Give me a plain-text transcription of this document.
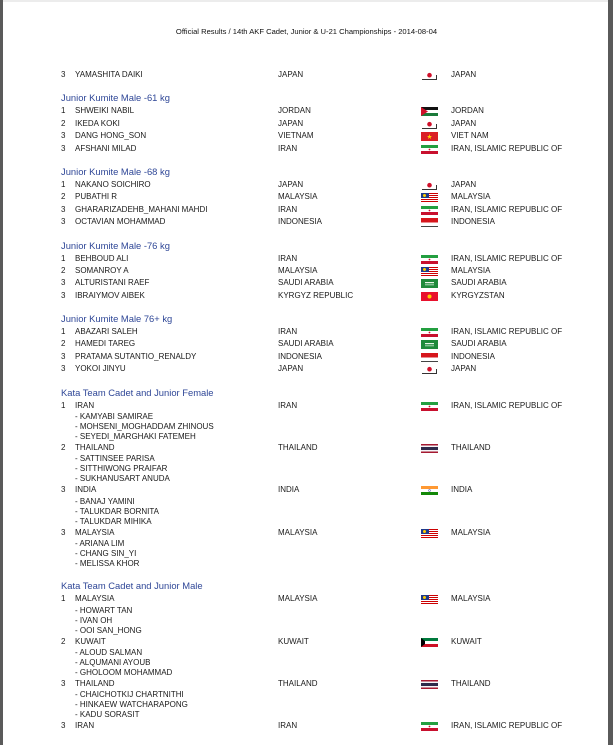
Official Results / 14th AKF Cadet, Junior & U-21 Championships - 2014-08-04
3 YAMASHITA DAIKI	JAPAN	JAPAN
Junior Kumite Male -61 kg
1 SHWEIKI NABIL	JORDAN	JORDAN
2 IKEDA KOKI	JAPAN	JAPAN
3 DANG HONG_SON	VIETNAM	VIET NAM
3 AFSHANI MILAD	IRAN	IRAN, ISLAMIC REPUBLIC OF
Junior Kumite Male -68 kg
1 NAKANO SOICHIRO	JAPAN	JAPAN
2 PUBATHI R	MALAYSIA	MALAYSIA
3 GHARARIZADEHB_MAHANI MAHDI	IRAN	IRAN, ISLAMIC REPUBLIC OF
3 OCTAVIAN MOHAMMAD	INDONESIA	INDONESIA
Junior Kumite Male -76 kg
1 BEHBOUD ALI	IRAN	IRAN, ISLAMIC REPUBLIC OF
2 SOMANROY A	MALAYSIA	MALAYSIA
3 ALTURISTANI RAEF	SAUDI ARABIA	SAUDI ARABIA
3 IBRAIYMOV AIBEK	KYRGYZ REPUBLIC	KYRGYZSTAN
Junior Kumite Male 76+ kg
1 ABAZARI SALEH	IRAN	IRAN, ISLAMIC REPUBLIC OF
2 HAMEDI TAREG	SAUDI ARABIA	SAUDI ARABIA
3 PRATAMA SUTANTIO_RENALDY	INDONESIA	INDONESIA
3 YOKOI JINYU	JAPAN	JAPAN
Kata Team Cadet and Junior Female
1 IRAN	IRAN	IRAN, ISLAMIC REPUBLIC OF
- KAMYABI SAMIRAE
- MOHSENI_MOGHADDAM ZHINOUS
- SEYEDI_MARGHAKI FATEMEH
2 THAILAND	THAILAND	THAILAND
- SATTINSEE PARISA
- SITTHIWONG PRAIFAR
- SUKHANUSART ANUDA
3 INDIA	INDIA	INDIA
- BANAJ YAMINI
- TALUKDAR BORNITA
- TALUKDAR MIHIKA
3 MALAYSIA	MALAYSIA	MALAYSIA
- ARIANA LIM
- CHANG SIN_YI
- MELISSA KHOR
Kata Team Cadet and Junior Male
1 MALAYSIA	MALAYSIA	MALAYSIA
- HOWART TAN
- IVAN OH
- OOI SAN_HONG
2 KUWAIT	KUWAIT	KUWAIT
- ALOUD SALMAN
- ALQUMANI AYOUB
- GHOLOOM MOHAMMAD
3 THAILAND	THAILAND	THAILAND
- CHAICHOTKIJ CHARTNITHI
- HINKAEW WATCHARAPONG
- KADU SORASIT
3 IRAN	IRAN	IRAN, ISLAMIC REPUBLIC OF
